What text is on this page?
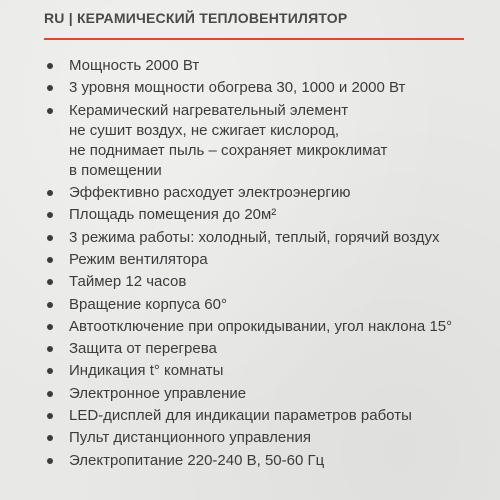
RU | КЕРАМИЧЕСКИЙ ТЕПЛОВЕНТИЛЯТОР
Мощность 2000 Вт
3 уровня мощности обогрева 30, 1000 и 2000 Вт
Керамический нагревательный элемент
не сушит воздух, не сжигает кислород,
не поднимает пыль – сохраняет микроклимат
в помещении
Эффективно расходует электроэнергию
Площадь помещения до 20м²
3 режима работы: холодный, теплый, горячий воздух
Режим вентилятора
Таймер 12 часов
Вращение корпуса 60°
Автоотключение при опрокидывании, угол наклона 15°
Защита от перегрева
Индикация t° комнаты
Электронное управление
LED-дисплей для индикации параметров работы
Пульт дистанционного управления
Электропитание 220-240 В, 50-60 Гц
